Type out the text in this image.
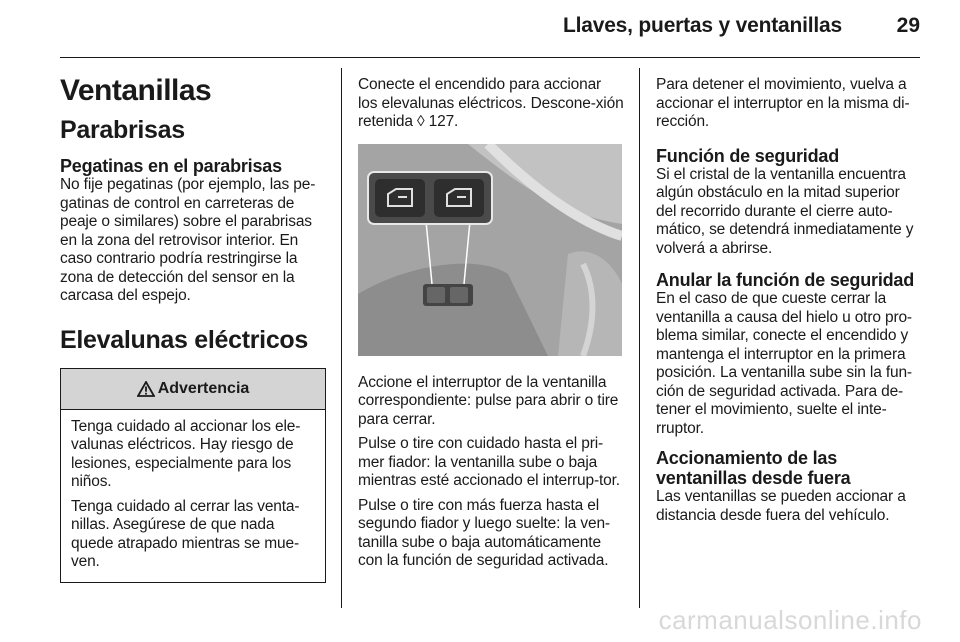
Llaves, puertas y ventanillas	29
Ventanillas
Parabrisas
Pegatinas en el parabrisas

No fije pegatinas (por ejemplo, las pe-gatinas de control en carreteras de peaje o similares) sobre el parabrisas en la zona del retrovisor interior. En caso contrario podría restringirse la zona de detección del sensor en la carcasa del espejo.

Elevalunas eléctricos
Advertencia

Tenga cuidado al accionar los ele-valunas eléctricos. Hay riesgo de lesiones, especialmente para los niños.

Tenga cuidado al cerrar las venta-nillas. Asegúrese de que nada quede atrapado mientras se mue-ven.

Conecte el encendido para accionar los elevalunas eléctricos. Descone-xión retenida ◊ 127.

Accione el interruptor de la ventanilla correspondiente: pulse para abrir o tire para cerrar.

Pulse o tire con cuidado hasta el pri-mer fiador: la ventanilla sube o baja mientras esté accionado el interrup-tor.

Pulse o tire con más fuerza hasta el segundo fiador y luego suelte: la ven-tanilla sube o baja automáticamente con la función de seguridad activada.

Para detener el movimiento, vuelva a accionar el interruptor en la misma di-rección.

Función de seguridad

Si el cristal de la ventanilla encuentra algún obstáculo en la mitad superior del recorrido durante el cierre auto-mático, se detendrá inmediatamente y volverá a abrirse.

Anular la función de seguridad

En el caso de que cueste cerrar la ventanilla a causa del hielo u otro pro-blema similar, conecte el encendido y mantenga el interruptor en la primera posición. La ventanilla sube sin la fun-ción de seguridad activada. Para de-tener el movimiento, suelte el inte-rruptor.

Accionamiento de las
ventanillas desde fuera

Las ventanillas se pueden accionar a distancia desde fuera del vehículo.

carmanualsonline.info
